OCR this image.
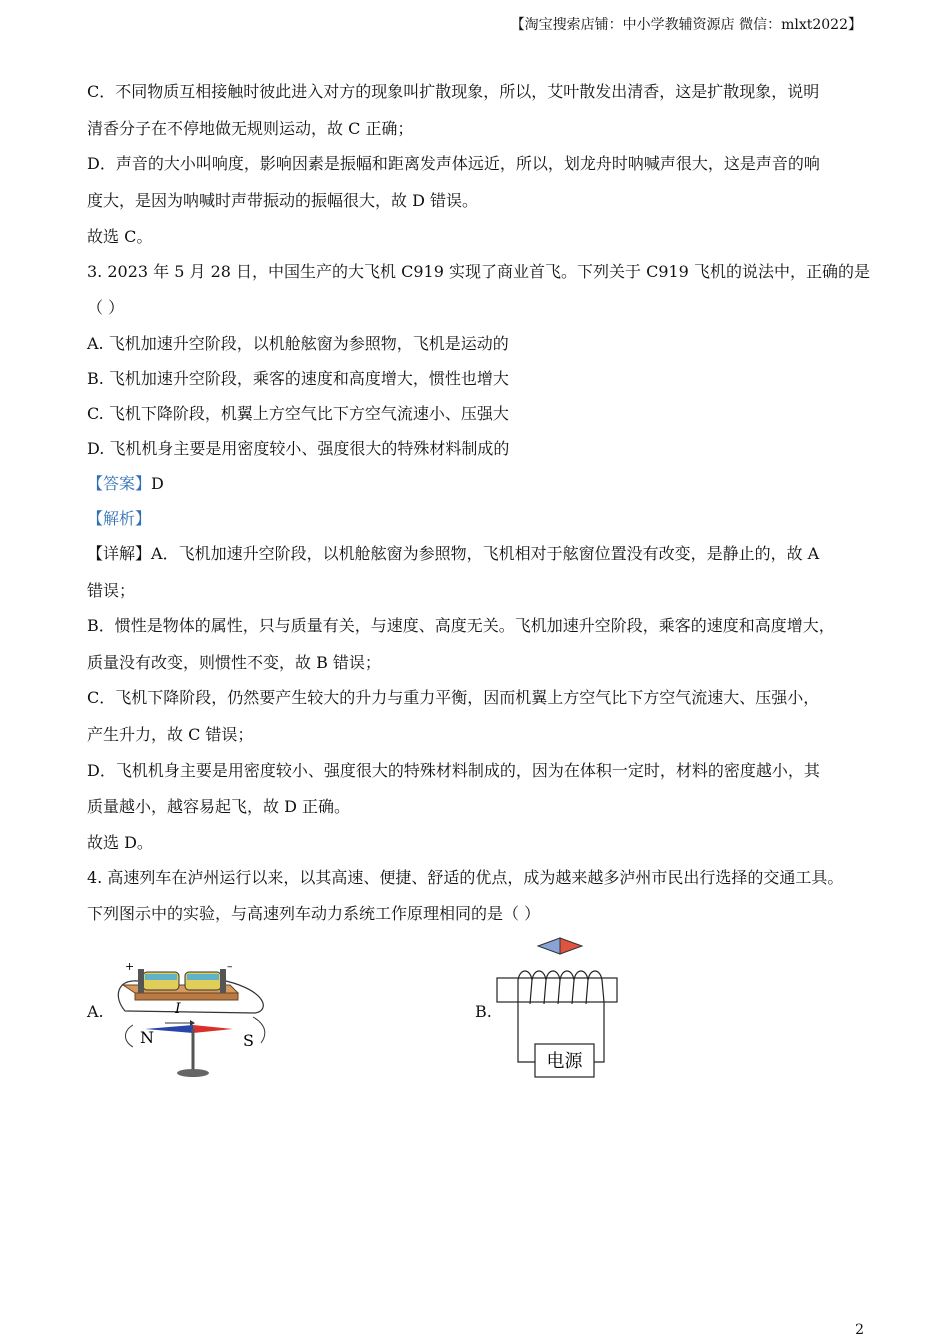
【淘宝搜索店铺：中小学教辅资源店 微信：mlxt2022】
C．不同物质互相接触时彼此进入对方的现象叫扩散现象，所以，艾叶散发出清香，这是扩散现象，说明
清香分子在不停地做无规则运动，故 C 正确；
D．声音的大小叫响度，影响因素是振幅和距离发声体远近，所以，划龙舟时呐喊声很大，这是声音的响
度大，是因为呐喊时声带振动的振幅很大，故 D 错误。
故选 C。
3. 2023 年 5 月 28 日，中国生产的大飞机 C919 实现了商业首飞。下列关于 C919 飞机的说法中，正确的是
（ ）
A. 飞机加速升空阶段，以机舱舷窗为参照物，飞机是运动的
B. 飞机加速升空阶段，乘客的速度和高度增大，惯性也增大
C. 飞机下降阶段，机翼上方空气比下方空气流速小、压强大
D. 飞机机身主要是用密度较小、强度很大的特殊材料制成的
【答案】D
【解析】
【详解】A．飞机加速升空阶段，以机舱舷窗为参照物，飞机相对于舷窗位置没有改变，是静止的，故 A
错误；
B．惯性是物体的属性，只与质量有关，与速度、高度无关。飞机加速升空阶段，乘客的速度和高度增大，
质量没有改变，则惯性不变，故 B 错误；
C．飞机下降阶段，仍然要产生较大的升力与重力平衡，因而机翼上方空气比下方空气流速大、压强小，
产生升力，故 C 错误；
D．飞机机身主要是用密度较小、强度很大的特殊材料制成的，因为在体积一定时，材料的密度越小，其
质量越小，越容易起飞，故 D 正确。
故选 D。
4. 高速列车在泸州运行以来，以其高速、便捷、舒适的优点，成为越来越多泸州市民出行选择的交通工具。
下列图示中的实验，与高速列车动力系统工作原理相同的是（ ）
A.	B.
+	–
I
N	S
电源
2
